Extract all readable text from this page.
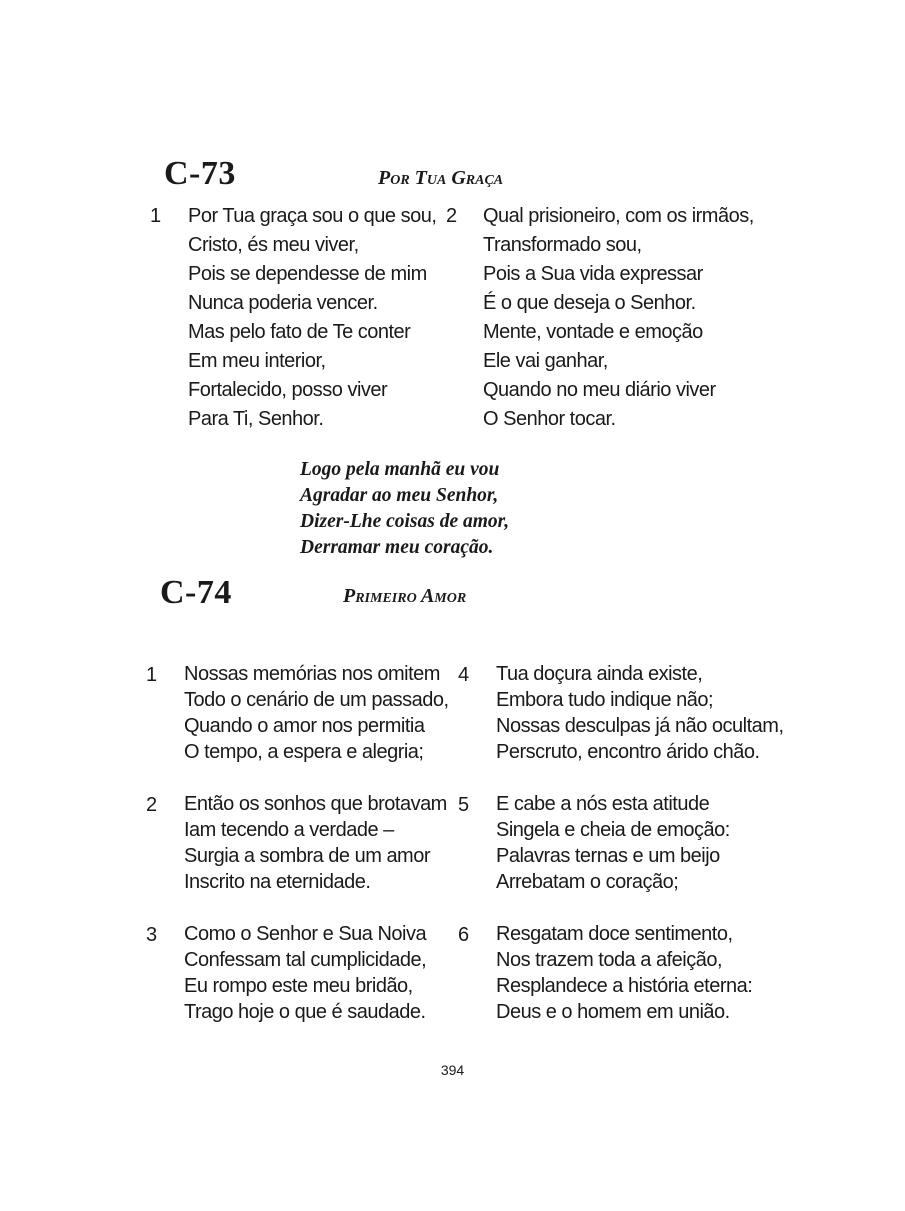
C-73	Por Tua Graça
1 Por Tua graça sou o que sou,
Cristo, és meu viver,
Pois se dependesse de mim
Nunca poderia vencer.
Mas pelo fato de Te conter
Em meu interior,
Fortalecido, posso viver
Para Ti, Senhor.
2 Qual prisioneiro, com os irmãos,
Transformado sou,
Pois a Sua vida expressar
É o que deseja o Senhor.
Mente, vontade e emoção
Ele vai ganhar,
Quando no meu diário viver
O Senhor tocar.
Logo pela manhã eu vou
Agradar ao meu Senhor,
Dizer-Lhe coisas de amor,
Derramar meu coração.
C-74	Primeiro Amor
1 Nossas memórias nos omitem
Todo o cenário de um passado,
Quando o amor nos permitia
O tempo, a espera e alegria;
2 Então os sonhos que brotavam
Iam tecendo a verdade –
Surgia a sombra de um amor
Inscrito na eternidade.
3 Como o Senhor e Sua Noiva
Confessam tal cumplicidade,
Eu rompo este meu bridão,
Trago hoje o que é saudade.
4 Tua doçura ainda existe,
Embora tudo indique não;
Nossas desculpas já não ocultam,
Perscruto, encontro árido chão.
5 E cabe a nós esta atitude
Singela e cheia de emoção:
Palavras ternas e um beijo
Arrebatam o coração;
6 Resgatam doce sentimento,
Nos trazem toda a afeição,
Resplandece a história eterna:
Deus e o homem em união.
394
